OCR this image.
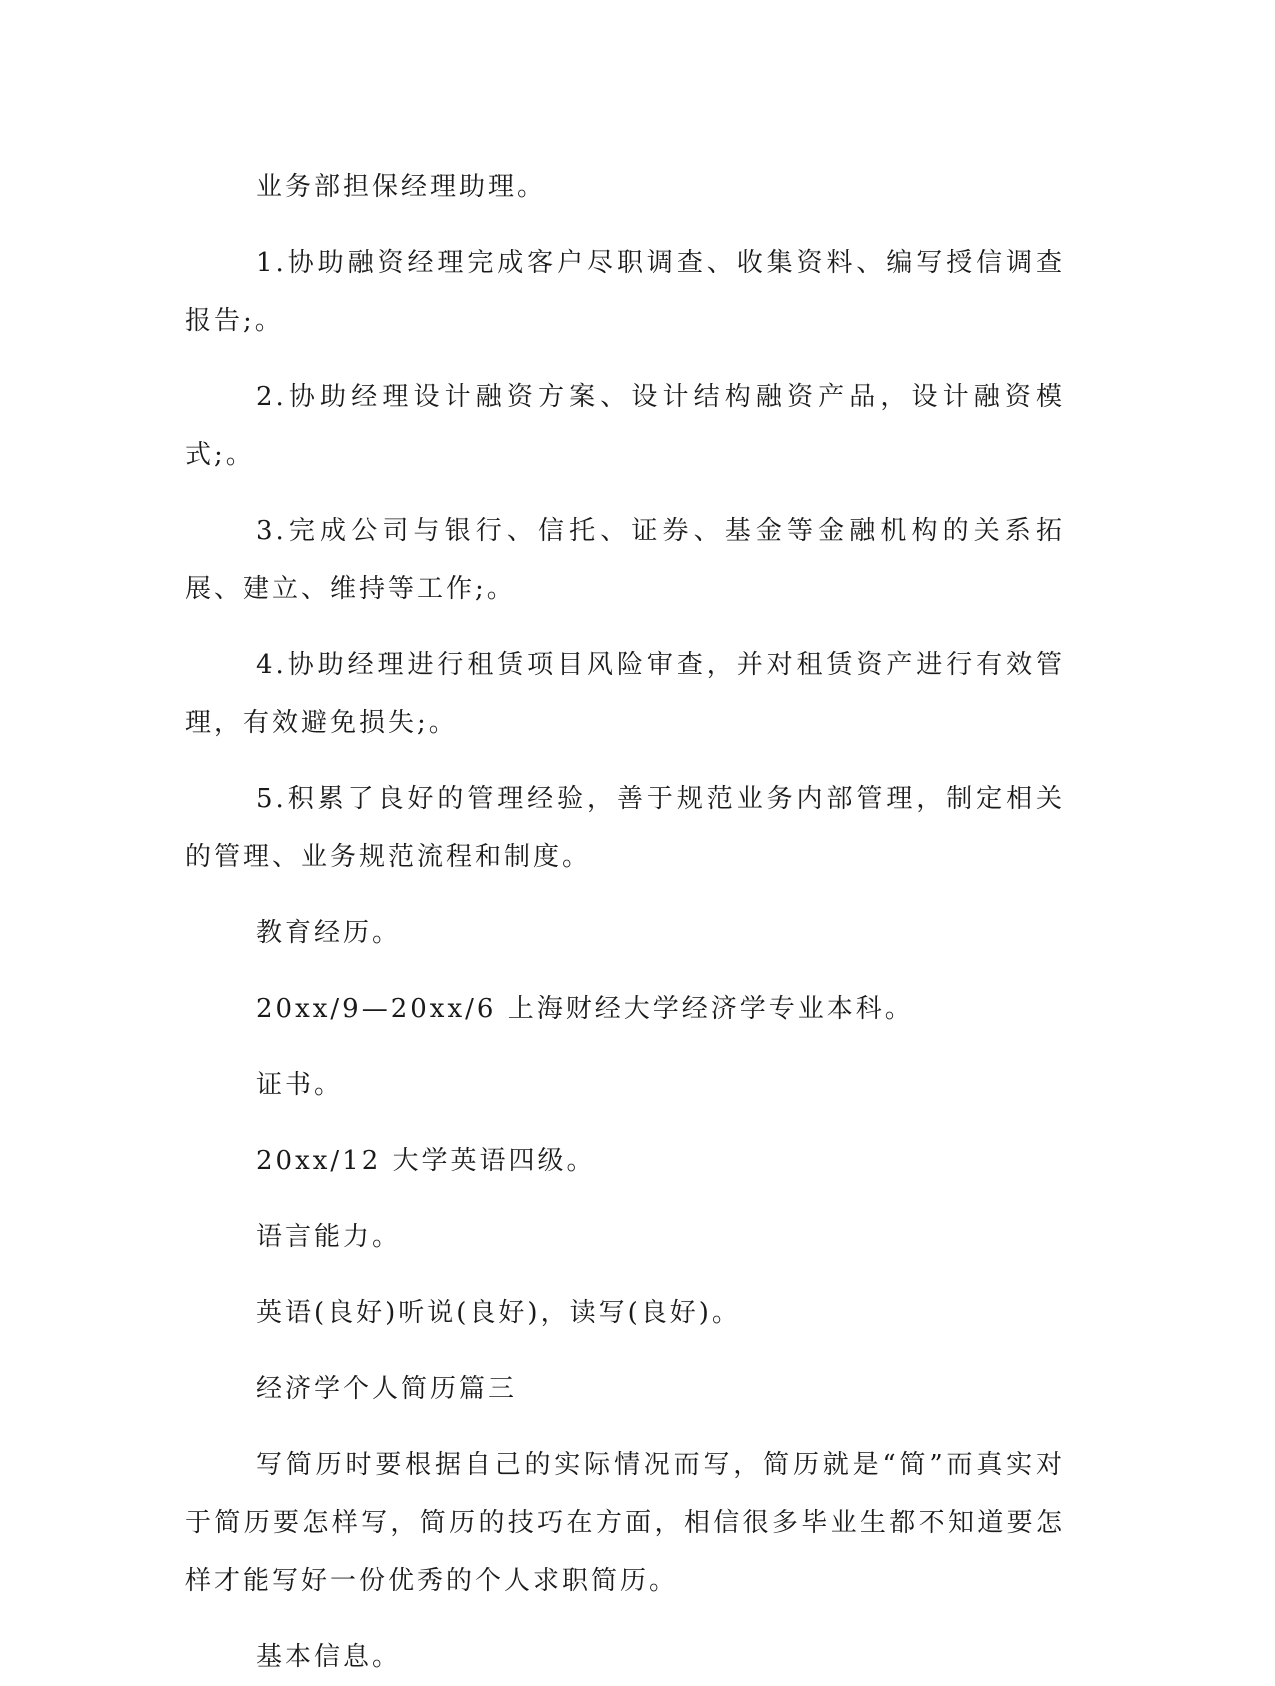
业务部担保经理助理。

1.协助融资经理完成客户尽职调查、收集资料、编写授信调查报告;。

2.协助经理设计融资方案、设计结构融资产品，设计融资模式;。

3.完成公司与银行、信托、证券、基金等金融机构的关系拓展、建立、维持等工作;。

4.协助经理进行租赁项目风险审查，并对租赁资产进行有效管理，有效避免损失;。

5.积累了良好的管理经验，善于规范业务内部管理，制定相关的管理、业务规范流程和制度。

教育经历。

20xx/9—20xx/6 上海财经大学经济学专业本科。

证书。

20xx/12 大学英语四级。

语言能力。

英语(良好)听说(良好)，读写(良好)。

经济学个人简历篇三

写简历时要根据自己的实际情况而写，简历就是“简”而真实对于简历要怎样写，简历的技巧在方面，相信很多毕业生都不知道要怎样才能写好一份优秀的个人求职简历。

基本信息。
